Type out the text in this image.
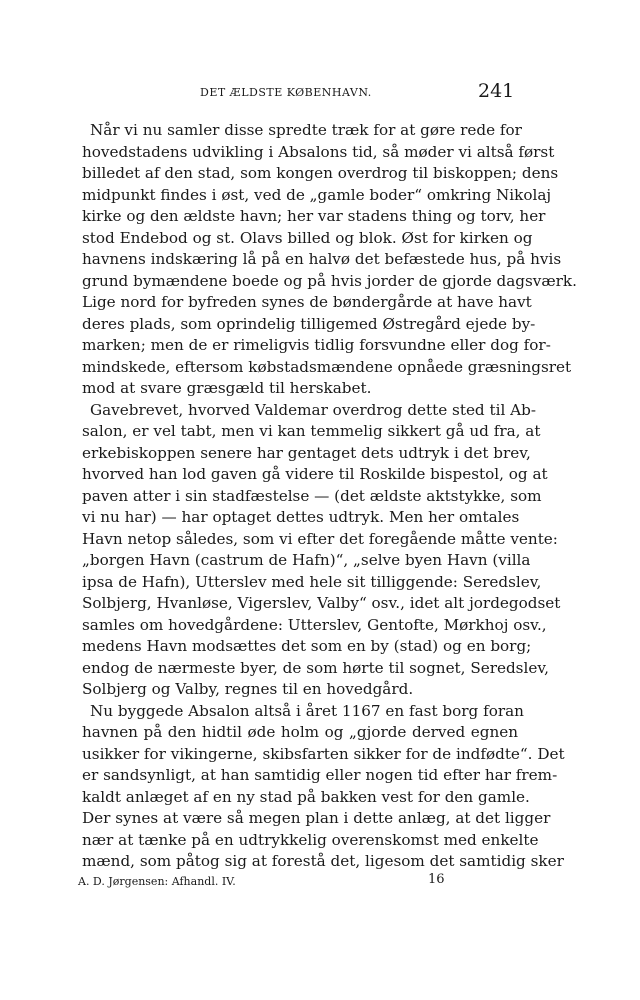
DET ÆLDSTE KØBENHAVN.	241
Når vi nu samler disse spredte træk for at gøre rede for
hovedstadens udvikling i Absalons tid, så møder vi altså først
billedet af den stad, som kongen overdrog til biskoppen; dens
midpunkt findes i øst, ved de „gamle boder“ omkring Nikolaj
kirke og den ældste havn; her var stadens thing og torv, her
stod Endebod og st. Olavs billed og blok. Øst for kirken og
havnens indskæring lå på en halvø det befæstede hus, på hvis
grund bymændene boede og på hvis jorder de gjorde dagsværk.
Lige nord for byfreden synes de bøndergårde at have havt
deres plads, som oprindelig tilligemed Østregård ejede by-
marken; men de er rimeligvis tidlig forsvundne eller dog for-
mindskede, eftersom købstadsmændene opnåede græsningsret
mod at svare græsgæld til herskabet.
Gavebrevet, hvorved Valdemar overdrog dette sted til Ab-
salon, er vel tabt, men vi kan temmelig sikkert gå ud fra, at
erkebiskoppen senere har gentaget dets udtryk i det brev,
hvorved han lod gaven gå videre til Roskilde bispestol, og at
paven atter i sin stadfæstelse — (det ældste aktstykke, som
vi nu har) — har optaget dettes udtryk. Men her omtales
Havn netop således, som vi efter det foregående måtte vente:
„borgen Havn (castrum de Hafn)“, „selve byen Havn (villa
ipsa de Hafn), Utterslev med hele sit tilliggende: Seredslev,
Solbjerg, Hvanløse, Vigerslev, Valby“ osv., idet alt jordegodset
samles om hovedgårdene: Utterslev, Gentofte, Mørkhoj osv.,
medens Havn modsættes det som en by (stad) og en borg;
endog de nærmeste byer, de som hørte til sognet, Seredslev,
Solbjerg og Valby, regnes til en hovedgård.
Nu byggede Absalon altså i året 1167 en fast borg foran
havnen på den hidtil øde holm og „gjorde derved egnen
usikker for vikingerne, skibsfarten sikker for de indfødte“. Det
er sandsynligt, at han samtidig eller nogen tid efter har frem-
kaldt anlæget af en ny stad på bakken vest for den gamle.
Der synes at være så megen plan i dette anlæg, at det ligger
nær at tænke på en udtrykkelig overenskomst med enkelte
mænd, som påtog sig at forestå det, ligesom det samtidig sker
A. D. Jørgensen: Afhandl. IV.	16
